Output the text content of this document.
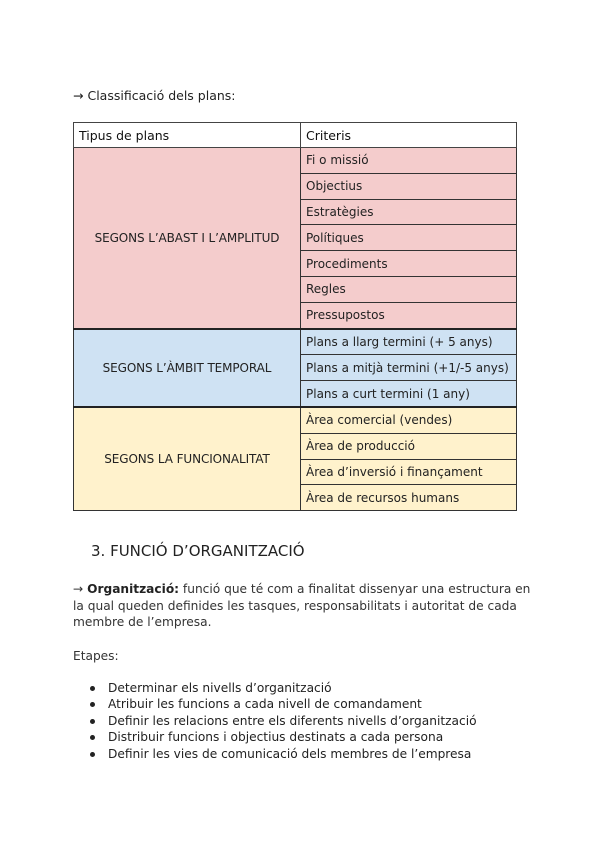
→ Classificació dels plans:
Tipus de plans	Criteris
SEGONS L’ABAST I L’AMPLITUD	Fi o missió
	Objectius
	Estratègies
	Polítiques
	Procediments
	Regles
	Pressupostos
SEGONS L’ÀMBIT TEMPORAL	Plans a llarg termini (+ 5 anys)
	Plans a mitjà termini (+1/-5 anys)
	Plans a curt termini (1 any)
SEGONS LA FUNCIONALITAT	Àrea comercial (vendes)
	Àrea de producció
	Àrea d’inversió i finançament
	Àrea de recursos humans
3. FUNCIÓ D’ORGANITZACIÓ
→ Organització: funció que té com a finalitat dissenyar una estructura en la qual queden definides les tasques, responsabilitats i autoritat de cada membre de l’empresa.
Etapes:
Determinar els nivells d’organització
Atribuir les funcions a cada nivell de comandament
Definir les relacions entre els diferents nivells d’organització
Distribuir funcions i objectius destinats a cada persona
Definir les vies de comunicació dels membres de l’empresa
